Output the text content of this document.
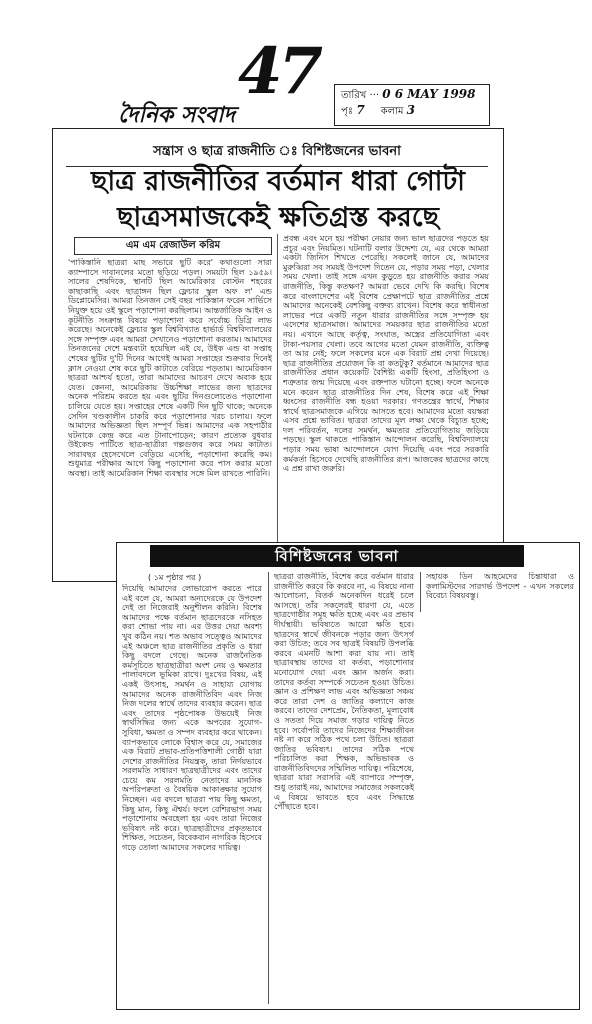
47
দৈনিক সংবাদ
তারিখ ··· 0 6 MAY 1998
পৃঃ 7 কলাম 3
সন্ত্রাস ও ছাত্র রাজনীতি ঃ বিশিষ্টজনের ভাবনা
ছাত্র রাজনীতির বর্তমান ধারা গোটা
ছাত্রসমাজকেই ক্ষতিগ্রস্ত করছে
এম এম রেজাউল করিম
'পাকিস্তানি ছাত্ররা মাছ সভারে ছুটি করে' কথাগুলো সারা ক্যাম্পাসে দাবানলের মতো ছড়িয়ে পড়ল। সময়টা ছিল ১৯৫৯। সালের শেষদিকে, স্থানটি ছিল আমেরিকার বোস্টন শহরের কাছাকাছি এবং ছাত্রাঙ্গন ছিল ফ্লেচার স্কুল অফ ল' এন্ড ডিপ্লোমেসির। আমরা তিনজন সেই বছর পাকিস্তান ফরেন সার্ভিসে নিযুক্ত হয়ে ওই স্কুলে পড়াশোনা করছিলাম। আন্তর্জাতিক আইন ও কূটনীতি সংক্রান্ত বিষয়ে পড়াশোনা করে সর্বোচ্চ ডিগ্রি লাভ করেছে। অনেকেই ফ্লেচার স্কুল বিশ্ববিখ্যাত হার্ভার্ড বিশ্ববিদ্যালয়ের সঙ্গে সম্পৃক্ত এবং আমরা সেখানেও পড়াশোনা করতাম। আমাদের তিনজনের দেশে মন্তব্যটা হয়েছিল এই যে, উইক এন্ড বা সপ্তাহ শেষের ছুটির দু'টি দিনের আগেই আমরা সপ্তাহের শুক্রবার দিনেই ক্লাস নেওয়া শেষ করে ছুটি কাটাতে বেরিয়ে পড়তাম। আমেরিকান ছাত্ররা আশ্চর্য হতো, তারা আমাদের আচরণ দেখে অবাক হয়ে যেত। কেননা, আমেরিকায় উচ্চশিক্ষা লাভের জন্য ছাত্রদের অনেক পরিশ্রম করতে হয় এবং ছুটির দিনগুলোতেও পড়াশোনা চালিয়ে যেতে হয়। সপ্তাহের শেষে একটি দিন ছুটি থাকে; অনেকে সেদিন খণ্ডকালীন চাকরি করে পড়াশোনার খরচ চালায়। ফলে আমাদের অভিজ্ঞতা ছিল সম্পূর্ণ ভিন্ন। আমাদের এক সহপাঠীর ঘটনাকে কেন্দ্র করে এত টানাপোড়েন; কারণ প্রত্যেক বুধবার উইকেন্ড পার্টিতে ছাত্র-ছাত্রীরা গল্পগুজব করে সময় কাটাত। সারাবছর হেসেখেলে বেড়িয়ে এসেছি, পড়াশোনা করেছি কম। শুধুমাত্র পরীক্ষার আগে কিছু পড়াশোনা করে পাস করার মতো অবস্থা। তাই আমেরিকান শিক্ষা ব্যবস্থার সঙ্গে মিল রাখতে পারিনি।
প্রবন্ধ এবং মনে হয় পরীক্ষা নেয়ার জন্য ভাল ছাত্রদের পড়তে হয় প্রচুর এবং নিয়মিত। ঘটনাটি বলার উদ্দেশ্য যে, এর থেকে আমরা একটা জিনিস শিখতে পেরেছি। সকলেই জানে যে, আমাদের মুরুব্বিরা সব সময়ই উপদেশ দিতেন যে, পড়ার সময় পড়া, খেলার সময় খেলা। তাই সঙ্গে এখন কুড়ুতে হয় রাজনীতি করার সময় রাজনীতি, কিন্তু কতক্ষণ? আমরা ভেবে দেখি কি করছি। বিশেষ করে বাংলাদেশের এই বিশেষ প্রেক্ষাপটে ছাত্র রাজনীতির প্রশ্নে আমাদের অনেকেই বেশকিছু বক্তব্য রাখেন। বিশেষ করে স্বাধীনতা লাভের পরে একটি নতুন ধারার রাজনীতির সঙ্গে সম্পৃক্ত হয় এদেশের ছাত্রসমাজ। আমাদের সময়কার ছাত্র রাজনীতির মতো নয়। এখানে আছে কর্তৃত্ব, সংঘাত, অস্ত্রের প্রতিযোগিতা এবং টাকা-পয়সার খেলা। তবে আগের মতো যেমন রাজনীতি, ব্যক্তিত্ব তা আর নেই; ফলে সকলের মনে এক বিরাট প্রশ্ন দেখা দিয়েছে। ছাত্র রাজনীতির প্রয়োজন কি বা কতটুকু? বর্তমানে আমাদের ছাত্র রাজনীতির প্রধান কয়েকটি বৈশিষ্ট্য একটি হিংসা, প্রতিহিংসা ও শত্রুতার জন্ম দিয়েছে এবং রক্তপাত ঘটানো হচ্ছে। ফলে অনেকে মনে করেন ছাত্র রাজনীতির দিন শেষ, বিশেষ করে এই শিক্ষা ধ্বংসের রাজনীতি বন্ধ হওয়া দরকার। গণতন্ত্রের স্বার্থে, শিক্ষার স্বার্থে ছাত্রসমাজকে এগিয়ে আসতে হবে। আমাদের মতো বয়স্করা এসব প্রশ্নে ভাবিত। ছাত্ররা তাদের মূল লক্ষ্য থেকে বিচ্যুত হচ্ছে; দল পরিবর্তন, দলের সমর্থন, ক্ষমতার প্রতিযোগিতায় জড়িয়ে পড়ছে। স্কুল থাকতে পাকিস্তান আন্দোলন করেছি, বিশ্ববিদ্যালয়ে পড়ার সময় ভাষা আন্দোলনে যোগ দিয়েছি এবং পরে সরকারি কর্মকর্তা হিসেবে দেখেছি রাজনীতির রূপ। আজকের ছাত্রদের কাছে এ প্রশ্ন রাখা জরুরি।
বিশিষ্টজনের ভাবনা
( ১ম পৃষ্ঠার পর )
দিয়েছি আমাদের লোভারোপ করতে পারে এই বলে যে, আমরা অন্যদেরকে যে উপদেশ দেই তা নিজেরাই অনুশীলন করিনি। বিশেষ আমাদের পক্ষে বর্তমান ছাত্রদেরকে নসিহত করা শোভা পায় না। এর উত্তর দেয়া অবশ্য খুব কঠিন নয়। শত অভাব সত্ত্বেও আমাদের এই অঞ্চলে ছাত্র রাজনীতির প্রকৃতি ও ধারা কিছু বদলে গেছে। অনেক রাজনৈতিক কর্মসূচিতে ছাত্রছাত্রীরা অংশ নেয় ও ক্ষমতার পালাবদলে ভূমিকা রাখে। দুঃখের বিষয়, এই একই উৎসাহ, সমর্থন ও সাহায্য যোগায় আমাদের অনেক রাজনীতিবিদ এবং নিজ নিজ দলের স্বার্থে তাদের ব্যবহার করেন। ছাত্র এবং তাদের পৃষ্ঠপোষক উভয়েই নিজ স্বার্থসিদ্ধির জন্য একে অপরের সুযোগ-সুবিধা, ক্ষমতা ও সম্পদ ব্যবহার করে থাকেন। ব্যাপকভাবে লোকে বিশ্বাস করে যে, সমাজের এক বিরাট প্রভাব-প্রতিপত্তিশালী গোষ্ঠী যারা দেশের রাজনীতির নিয়ন্ত্রক, তারা নির্দয়ভাবে সরলমতি সাধারণ ছাত্রছাত্রীদের এবং তাদের চেয়ে কম সরলমতি নেতাদের মানসিক অপরিপক্বতা ও বৈষয়িক আকাঙ্ক্ষার সুযোগ নিচ্ছেন। এর বদলে ছাত্ররা পায় কিছু ক্ষমতা, কিছু মান, কিছু ঐশ্বর্য। ফলে বেশিরভাগ সময় পড়াশোনায় অবহেলা হয় এবং তারা নিজের ভবিষ্যৎ নষ্ট করে। ছাত্রছাত্রীদের প্রকৃতভাবে শিক্ষিত, সচেতন, বিবেকবান নাগরিক হিসেবে গড়ে তোলা আমাদের সকলের দায়িত্ব।
ছাত্ররা রাজনীতি, বিশেষ করে বর্তমান ধারার রাজনীতি করবে কি করবে না, এ বিষয়ে নানা আলোচনা, বিতর্ক অনেকদিন ধরেই চলে আসছে। তাঁর সকলেরই ধারণা যে, এতে ছাত্রগোষ্ঠীর সমূহ ক্ষতি হচ্ছে এবং এর প্রভাব দীর্ঘস্থায়ী। ভবিষ্যতে আরো ক্ষতি হবে। ছাত্রদের স্বার্থে জীবনকে পড়ার জন্য উৎসর্গ করা উচিত; তবে সব ছাত্রই বিষয়টি উপলব্ধি করবে এমনটি আশা করা যায় না। তাই ছাত্রাবস্থায় তাদের যা কর্তব্য, পড়াশোনার মনোযোগ দেয়া এবং জ্ঞান অর্জন করা। তাদের কর্তব্য সম্পর্কে সচেতন হওয়া উচিত। জ্ঞান ও প্রশিক্ষণ লাভ এবং অভিজ্ঞতা সঞ্চয় করে তারা দেশ ও জাতির কল্যাণে কাজ করবে। তাদের দেশপ্রেম, নৈতিকতা, মূল্যবোধ ও সততা দিয়ে সমাজ গড়ার দায়িত্ব নিতে হবে। সর্বোপরি তাদের নিজেদের শিক্ষাজীবন নষ্ট না করে সঠিক পথে চলা উচিত। ছাত্ররা জাতির ভবিষ্যৎ। তাদের সঠিক পথে পরিচালিত করা শিক্ষক, অভিভাবক ও রাজনীতিবিদদের সম্মিলিত দায়িত্ব। পরিশেষে, ছাত্ররা যারা সরাসরি এই ব্যাপারে সম্পৃক্ত, শুধু তারাই নয়, আমাদের সমাজের সকলকেই এ বিষয়ে ভাবতে হবে এবং সিদ্ধান্তে পৌঁছাতে হবে।
সহায়ক ডিন আহমেদের চিন্তাধারা ও কলামিস্টদের সারগর্ভ উপদেশ - এখন সকলের বিবেচ্য বিষয়বস্তু।
